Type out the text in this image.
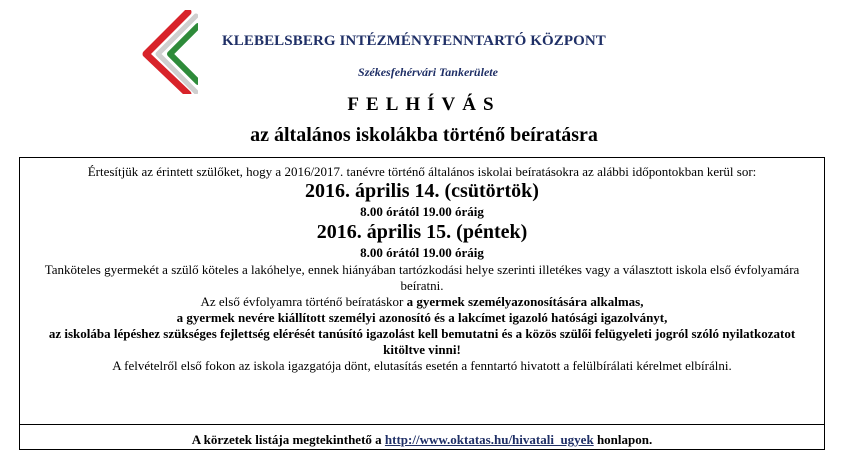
KLEBELSBERG INTÉZMÉNYFENNTARTÓ KÖZPONT
Székesfehérvári Tankerülete
FELHÍVÁS
az általános iskolákba történő beíratásra

Értesítjük az érintett szülőket, hogy a 2016/2017. tanévre történő általános iskolai beíratásokra az alábbi időpontokban kerül sor:

2016. április 14. (csütörtök)

8.00 órától 19.00 óráig

2016. április 15. (péntek)

8.00 órától 19.00 óráig

Tanköteles gyermekét a szülő köteles a lakóhelye, ennek hiányában tartózkodási helye szerinti illetékes vagy a választott iskola első évfolyamára beíratni.

Az első évfolyamra történő beíratáskor a gyermek személyazonosítására alkalmas,

a gyermek nevére kiállított személyi azonosító és a lakcímet igazoló hatósági igazolványt,

az iskolába lépéshez szükséges fejlettség elérését tanúsító igazolást kell bemutatni és a közös szülői felügyeleti jogról szóló nyilatkozatot kitöltve vinni!

A felvételről első fokon az iskola igazgatója dönt, elutasítás esetén a fenntartó hivatott a felülbírálati kérelmet elbírálni.

A körzetek listája megtekinthető a http://www.oktatas.hu/hivatali_ugyek honlapon.
